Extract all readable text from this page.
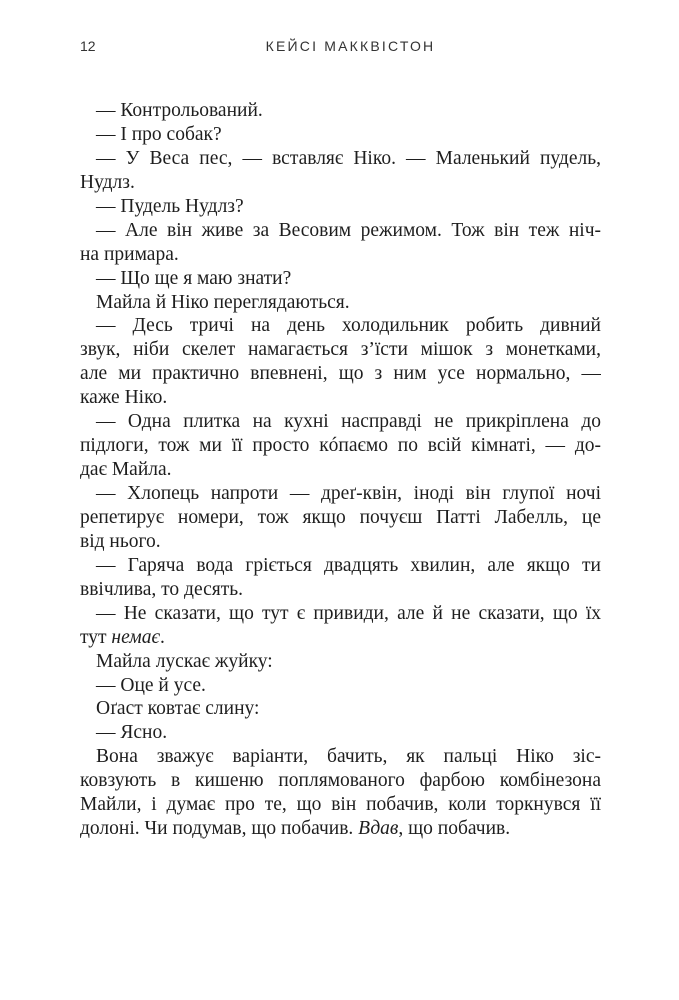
12	КЕЙСІ МАККВІСТОН
— Контрольований.
— І про собак?
— У Веса пес, — вставляє Ніко. — Маленький пудель,
Нудлз.
— Пудель Нудлз?
— Але він живе за Весовим режимом. Тож він теж ніч-
на примара.
— Що ще я маю знати?
Майла й Ніко переглядаються.
— Десь тричі на день холодильник робить дивний
звук, ніби скелет намагається з’їсти мішок з монетками,
але ми практично впевнені, що з ним усе нормально, —
каже Ніко.
— Одна плитка на кухні насправді не прикріплена до
підлоги, тож ми її просто кóпаємо по всій кімнаті, — до-
дає Майла.
— Хлопець напроти — дреґ-квін, іноді він глупої ночі
репетирує номери, тож якщо почуєш Патті Лабелль, це
від нього.
— Гаряча вода гріється двадцять хвилин, але якщо ти
ввічлива, то десять.
— Не сказати, що тут є привиди, але й не сказати, що їх
тут немає.
Майла лускає жуйку:
— Оце й усе.
Оґаст ковтає слину:
— Ясно.
Вона зважує варіанти, бачить, як пальці Ніко зіс-
ковзують в кишеню поплямованого фарбою комбінезона
Майли, і думає про те, що він побачив, коли торкнувся її
долоні. Чи подумав, що побачив. Вдав, що побачив.
